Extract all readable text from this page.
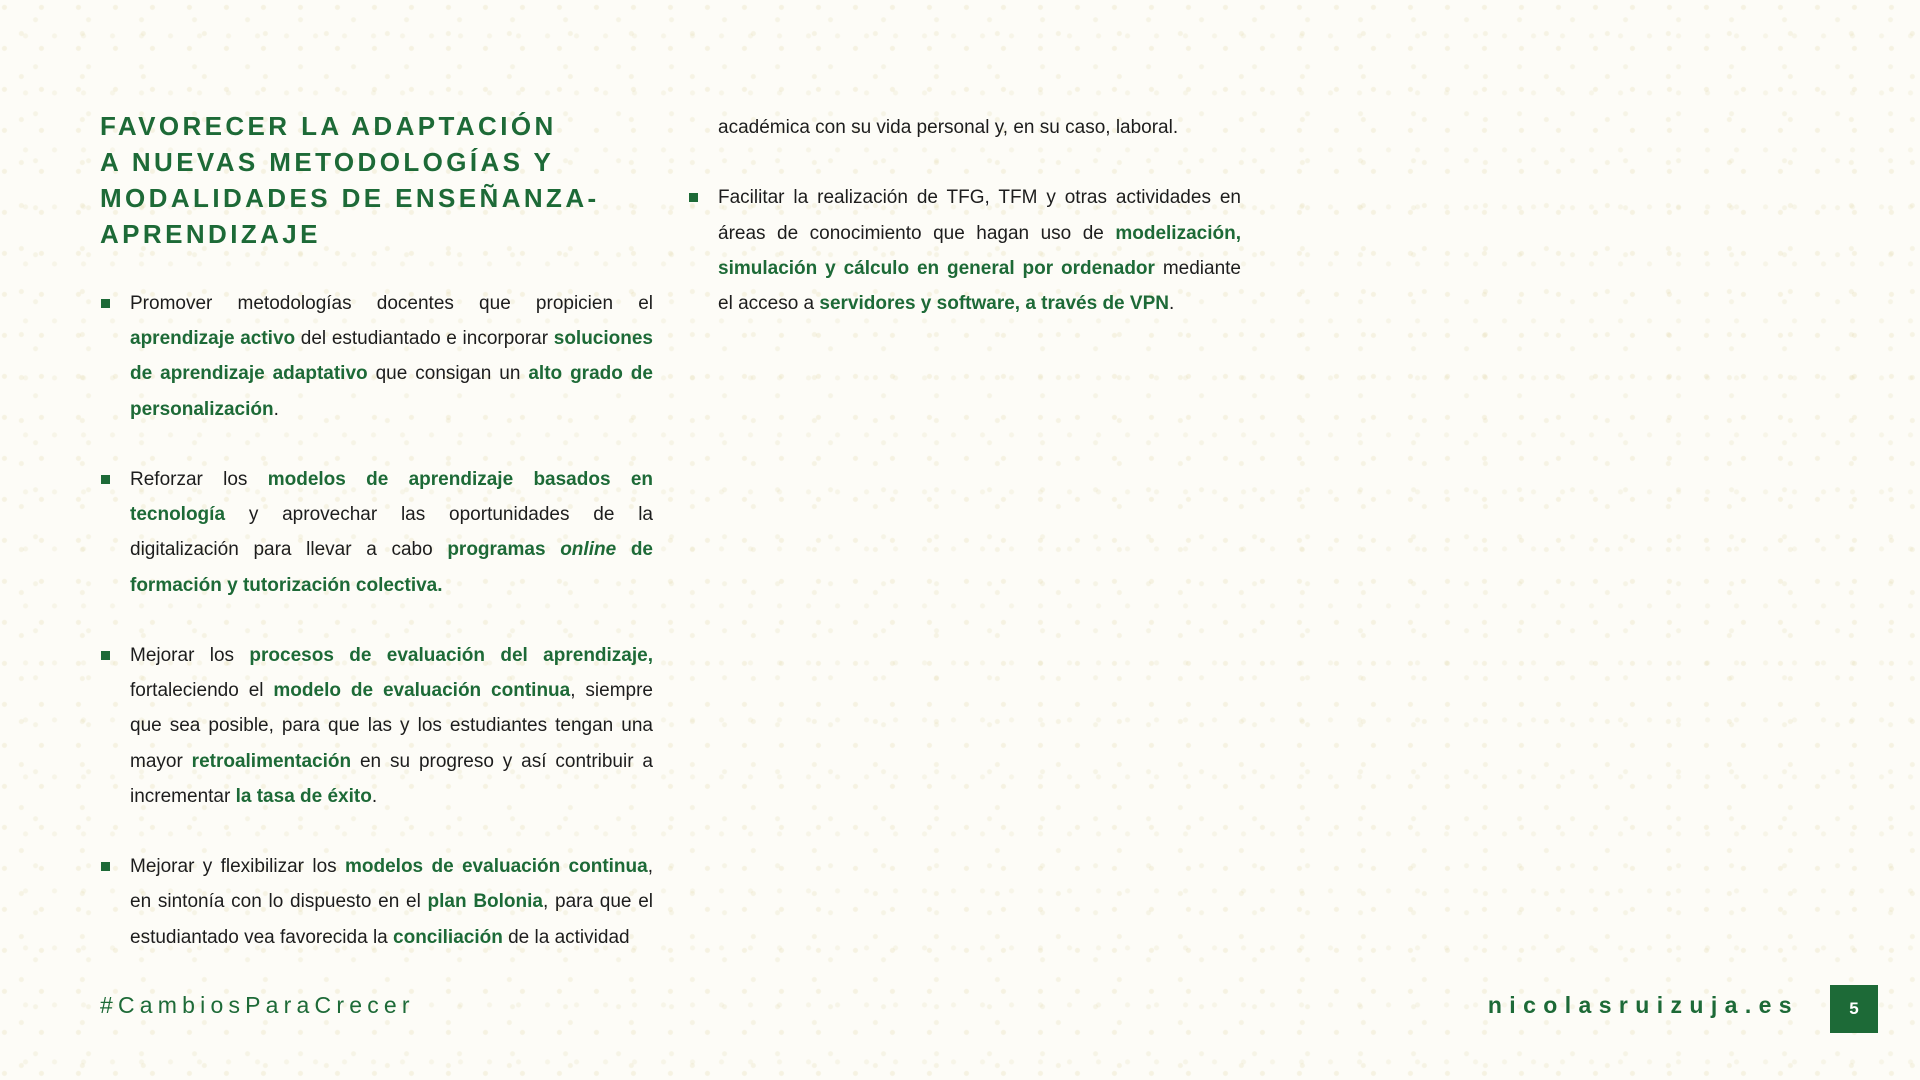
FAVORECER LA ADAPTACIÓN
A NUEVAS METODOLOGÍAS Y
MODALIDADES DE ENSEÑANZA-
APRENDIZAJE

Promover metodologías docentes que propicien el aprendizaje activo del estudiantado e incorporar soluciones de aprendizaje adaptativo que consigan un alto grado de personalización.

Reforzar los modelos de aprendizaje basados en tecnología y aprovechar las oportunidades de la digitalización para llevar a cabo programas online de formación y tutorización colectiva.

Mejorar los procesos de evaluación del aprendizaje, fortaleciendo el modelo de evaluación continua, siempre que sea posible, para que las y los estudiantes tengan una mayor retroalimentación en su progreso y así contribuir a incrementar la tasa de éxito.

Mejorar y flexibilizar los modelos de evaluación continua, en sintonía con lo dispuesto en el plan Bolonia, para que el estudiantado vea favorecida la conciliación de la actividad

académica con su vida personal y, en su caso, laboral.

Facilitar la realización de TFG, TFM y otras actividades en áreas de conocimiento que hagan uso de modelización, simulación y cálculo en general por ordenador mediante el acceso a servidores y software, a través de VPN.

#CambiosParaCrecer	nicolasruizuja.es	5
